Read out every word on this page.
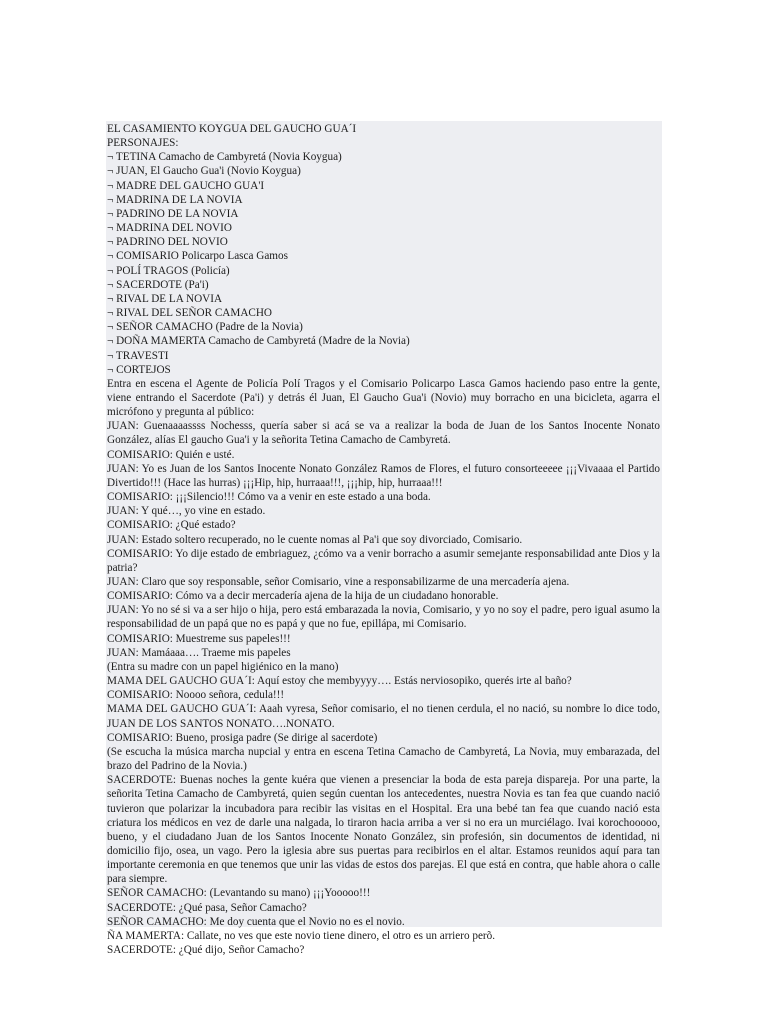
EL CASAMIENTO KOYGUA DEL GAUCHO GUA´I

PERSONAJES:

¬ TETINA Camacho de Cambyretá (Novia Koygua)

¬ JUAN, El Gaucho Gua'i (Novio Koygua)

¬ MADRE DEL GAUCHO GUA'I

¬ MADRINA DE LA NOVIA

¬ PADRINO DE LA NOVIA

¬ MADRINA DEL NOVIO

¬ PADRINO DEL NOVIO

¬ COMISARIO Policarpo Lasca Gamos

¬ POLÍ TRAGOS (Policía)

¬ SACERDOTE (Pa'i)

¬ RIVAL DE LA NOVIA

¬ RIVAL DEL SEÑOR CAMACHO

¬ SEÑOR CAMACHO (Padre de la Novia)

¬ DOÑA MAMERTA Camacho de Cambyretá (Madre de la Novia)

¬ TRAVESTI

¬ CORTEJOS

Entra en escena el Agente de Policía Polí Tragos y el Comisario Policarpo Lasca Gamos haciendo paso entre la gente, viene entrando el Sacerdote (Pa'i) y detrás él Juan, El Gaucho Gua'i (Novio) muy borracho en una bicicleta, agarra el micrófono y pregunta al público:

JUAN: Guenaaaassss Nochesss, quería saber si acá se va a realizar la boda de Juan de los Santos Inocente Nonato González, alías El gaucho Gua'i y la señorita Tetina Camacho de Cambyretá.

COMISARIO: Quién e usté.

JUAN: Yo es Juan de los Santos Inocente Nonato González Ramos de Flores, el futuro consorteeeee ¡¡¡Vivaaaa el Partido Divertido!!! (Hace las hurras) ¡¡¡Hip, hip, hurraaa!!!, ¡¡¡hip, hip, hurraaa!!!

COMISARIO: ¡¡¡Silencio!!! Cómo va a venir en este estado a una boda.

JUAN: Y qué…, yo vine en estado.

COMISARIO: ¿Qué estado?

JUAN: Estado soltero recuperado, no le cuente nomas al Pa'i que soy divorciado, Comisario.

COMISARIO: Yo dije estado de embriaguez, ¿cómo va a venir borracho a asumir semejante responsabilidad ante Dios y la patria?

JUAN: Claro que soy responsable, señor Comisario, vine a responsabilizarme de una mercadería ajena.

COMISARIO: Cómo va a decir mercadería ajena de la hija de un ciudadano honorable.

JUAN: Yo no sé si va a ser hijo o hija, pero está embarazada la novia, Comisario, y yo no soy el padre, pero igual asumo la responsabilidad de un papá que no es papá y que no fue, epillápa, mi Comisario.

COMISARIO: Muestreme sus papeles!!!

JUAN: Mamáaaa…. Traeme mis papeles

(Entra su madre con un papel higiénico en la mano)

MAMA DEL GAUCHO GUA´I: Aquí estoy che membyyyy…. Estás nerviosopiko, querés irte al baño?

COMISARIO: Noooo señora, cedula!!!

MAMA DEL GAUCHO GUA´I: Aaah vyresa, Señor comisario, el no tienen cerdula, el no nació, su nombre lo dice todo, JUAN DE LOS SANTOS NONATO….NONATO.

COMISARIO: Bueno, prosiga padre (Se dirige al sacerdote)

(Se escucha la música marcha nupcial y entra en escena Tetina Camacho de Cambyretá, La Novia, muy embarazada, del brazo del Padrino de la Novia.)

SACERDOTE: Buenas noches la gente kuéra que vienen a presenciar la boda de esta pareja dispareja. Por una parte, la señorita Tetina Camacho de Cambyretá, quien según cuentan los antecedentes, nuestra Novia es tan fea que cuando nació tuvieron que polarizar la incubadora para recibir las visitas en el Hospital. Era una bebé tan fea que cuando nació esta criatura los médicos en vez de darle una nalgada, lo tiraron hacia arriba a ver si no era un murciélago. Ivai korochooooo, bueno, y el ciudadano Juan de los Santos Inocente Nonato González, sin profesión, sin documentos de identidad, ni domicilio fijo, osea, un vago. Pero la iglesia abre sus puertas para recibirlos en el altar. Estamos reunidos aquí para tan importante ceremonia en que tenemos que unir las vidas de estos dos parejas. El que está en contra, que hable ahora o calle para siempre.

SEÑOR CAMACHO: (Levantando su mano) ¡¡¡Yooooo!!!

SACERDOTE: ¿Qué pasa, Señor Camacho?

SEÑOR CAMACHO: Me doy cuenta que el Novio no es el novio.

ÑA MAMERTA: Callate, no ves que este novio tiene dinero, el otro es un arriero perõ.

SACERDOTE: ¿Qué dijo, Señor Camacho?
